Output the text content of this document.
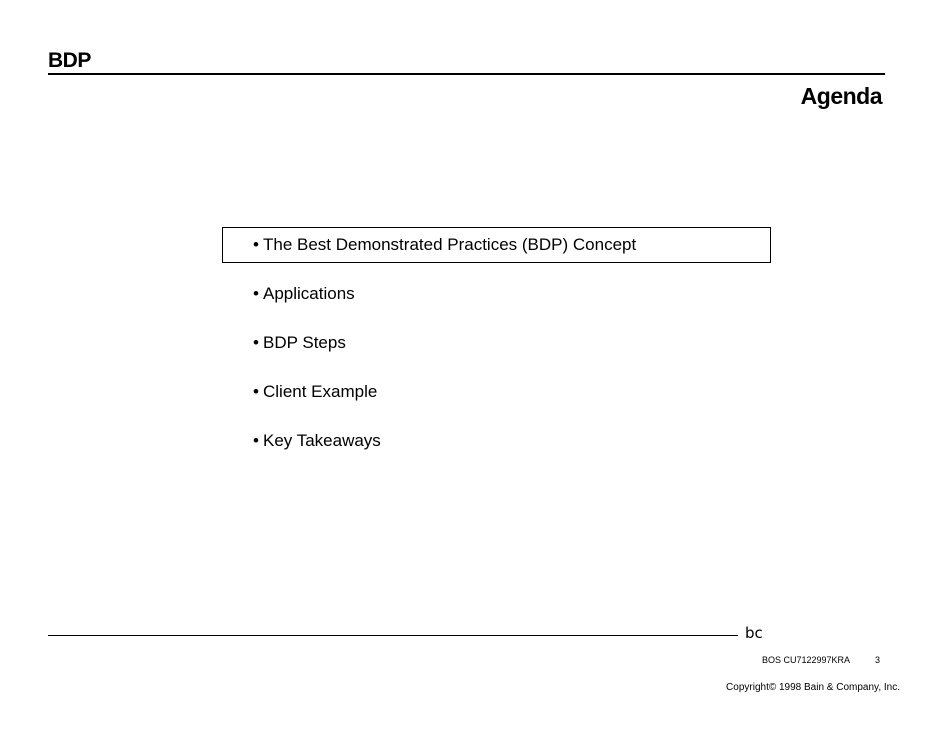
BDP
Agenda
• The Best Demonstrated Practices (BDP) Concept
• Applications
• BDP Steps
• Client Example
• Key Takeaways
bc
BOS CU7122997KRA	3
Copyright© 1998 Bain & Company, Inc.
